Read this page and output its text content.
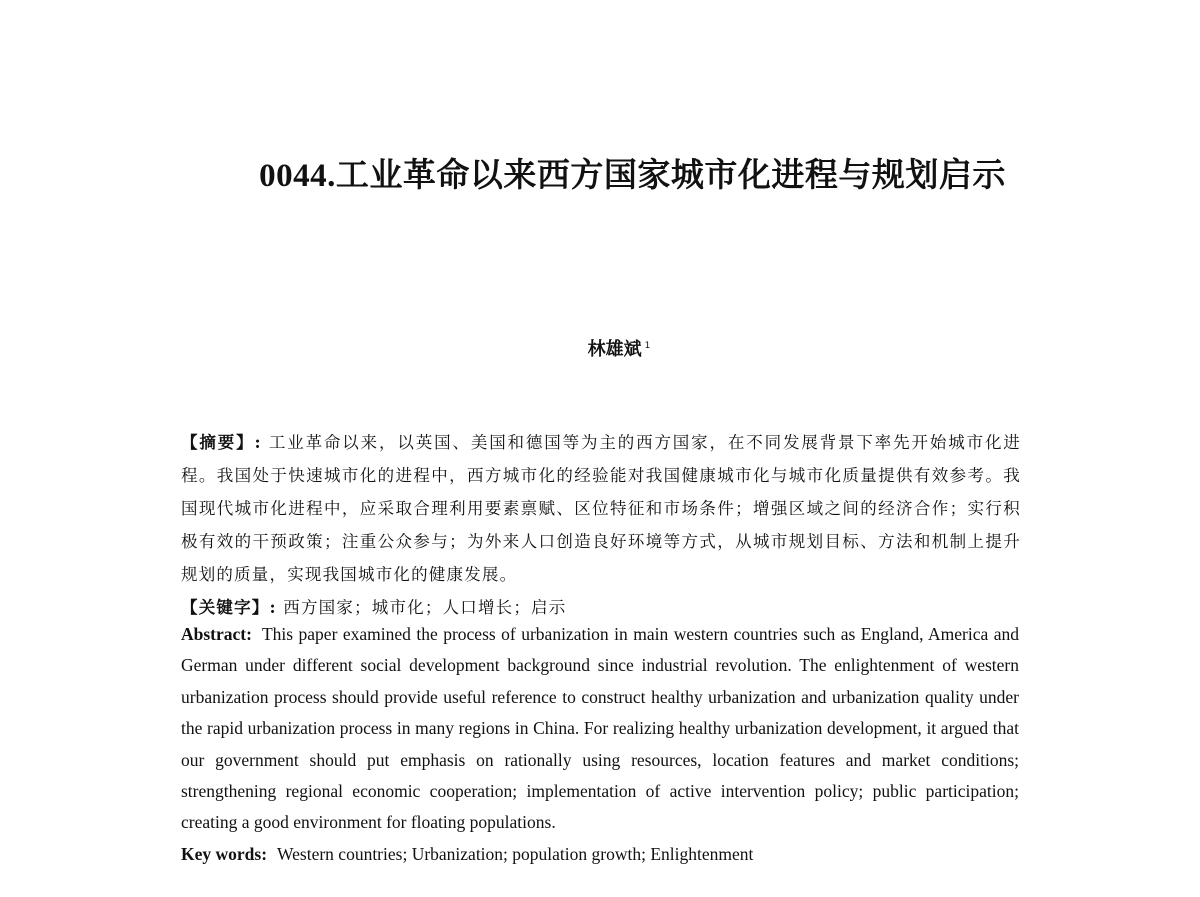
0044.工业革命以来西方国家城市化进程与规划启示
林雄斌 $^1$

【摘要】: 工业革命以来，以英国、美国和德国等为主的西方国家，在不同发展背景下率先开始城市化进程。我国处于快速城市化的进程中，西方城市化的经验能对我国健康城市化与城市化质量提供有效参考。我国现代城市化进程中，应采取合理利用要素禀赋、区位特征和市场条件；增强区域之间的经济合作；实行积极有效的干预政策；注重公众参与；为外来人口创造良好环境等方式，从城市规划目标、方法和机制上提升规划的质量，实现我国城市化的健康发展。

【关键字】: 西方国家；城市化；人口增长；启示

Abstract: This paper examined the process of urbanization in main western countries such as England, America and German under different social development background since industrial revolution. The enlightenment of western urbanization process should provide useful reference to construct healthy urbanization and urbanization quality under the rapid urbanization process in many regions in China. For realizing healthy urbanization development, it argued that our government should put emphasis on rationally using resources, location features and market conditions; strengthening regional economic cooperation; implementation of active intervention policy; public participation; creating a good environment for floating populations.

Key words: Western countries; Urbanization; population growth; Enlightenment
